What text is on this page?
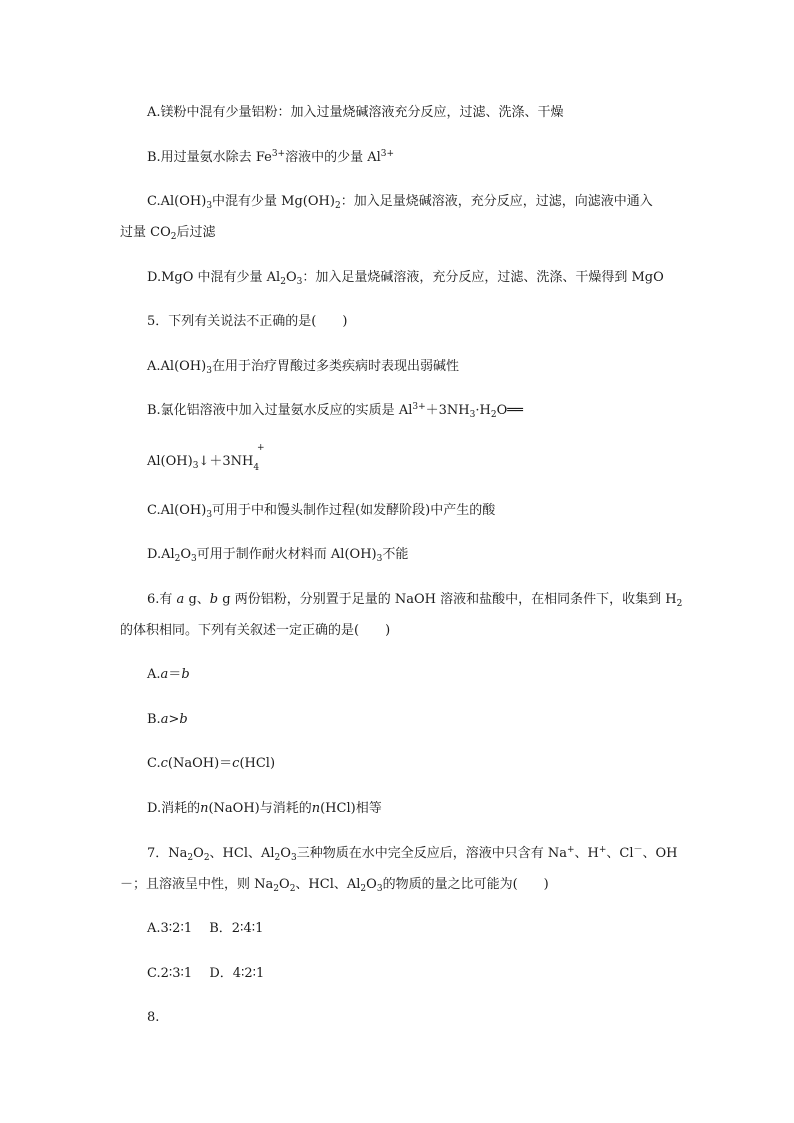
A.镁粉中混有少量铝粉：加入过量烧碱溶液充分反应，过滤、洗涤、干燥
B.用过量氨水除去 $Fe^{3+}$溶液中的少量 $Al^{3+}$
$C.Al(OH)_3$中混有少量 $Mg(OH)_2$：加入足量烧碱溶液，充分反应，过滤，向滤液中通入
过量 $CO_2$后过滤
D.MgO 中混有少量 $Al_2O_3$：加入足量烧碱溶液，充分反应，过滤、洗涤、干燥得到 MgO
5．下列有关说法不正确的是(　　)
$A.Al(OH)_3$在用于治疗胃酸过多类疾病时表现出弱碱性
B.氯化铝溶液中加入过量氨水反应的实质是 $Al^{3+}+3NH_3\cdot H_2O══$
$Al(OH)_3↓+3NH_4$
+
$C.Al(OH)_3$可用于中和馒头制作过程(如发酵阶段)中产生的酸
$D.Al_2O_3$可用于制作耐火材料而 $Al(OH)_3$不能
6.有 a g、b g 两份铝粉，分别置于足量的 NaOH 溶液和盐酸中，在相同条件下，收集到 $H_2$
的体积相同。下列有关叙述一定正确的是(　　)
A.a＝b
B.a>b
C.c(NaOH)＝c(HCl)
D.消耗的n(NaOH)与消耗的n(HCl)相等
7．$Na_2O_2$、HCl、$Al_2O_3$三种物质在水中完全反应后，溶液中只含有 Na+、H+、Cl－、OH
－；且溶液呈中性，则 $Na_2O_2$、HCl、$Al_2O_3$的物质的量之比可能为(　　)
A.3∶2∶1　 B．2∶4∶1
C.2∶3∶1　 D．4∶2∶1
8.
